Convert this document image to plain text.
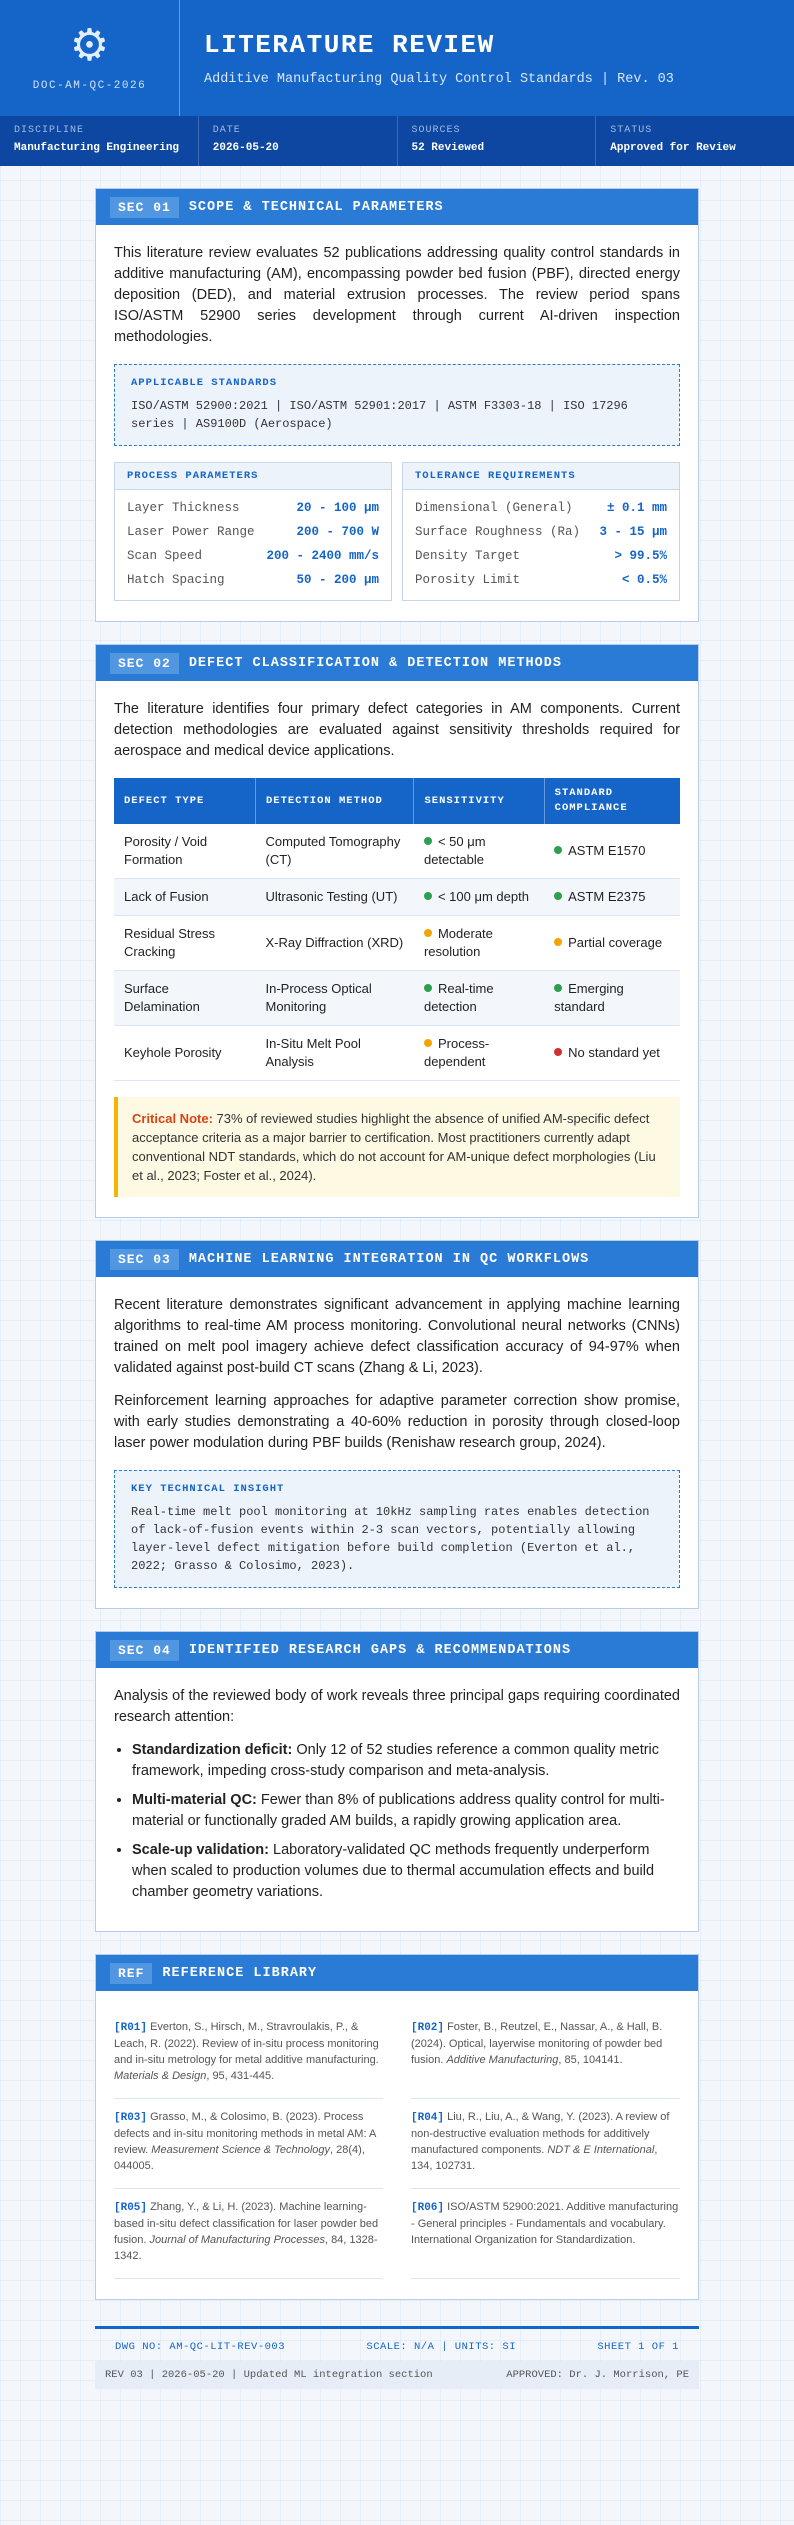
⚙
DOC-AM-QC-2026
LITERATURE REVIEW
Additive Manufacturing Quality Control Standards | Rev. 03
DISCIPLINE
Manufacturing Engineering
DATE
2026-05-20
SOURCES
52 Reviewed
STATUS
Approved for Review
SEC 01	SCOPE & TECHNICAL PARAMETERS

This literature review evaluates 52 publications addressing quality control standards in additive manufacturing (AM), encompassing powder bed fusion (PBF), directed energy deposition (DED), and material extrusion processes. The review period spans ISO/ASTM 52900 series development through current AI-driven inspection methodologies.

APPLICABLE STANDARDS
ISO/ASTM 52900:2021 | ISO/ASTM 52901:2017 | ASTM F3303-18 | ISO 17296 series | AS9100D (Aerospace)
PROCESS PARAMETERS
Layer Thickness	20 - 100 μm
Laser Power Range	200 - 700 W
Scan Speed	200 - 2400 mm/s
Hatch Spacing	50 - 200 μm
TOLERANCE REQUIREMENTS
Dimensional (General)	± 0.1 mm
Surface Roughness (Ra) 3 - 15 μm
Density Target	> 99.5%
Porosity Limit	< 0.5%
SEC 02	DEFECT CLASSIFICATION & DETECTION METHODS

The literature identifies four primary defect categories in AM components. Current detection methodologies are evaluated against sensitivity thresholds required for aerospace and medical device applications.

DEFECT TYPE	DETECTION METHOD	SENSITIVITY	STANDARD COMPLIANCE
Porosity / Void Formation	Computed Tomography (CT)	< 50 μm detectable	ASTM E1570
Lack of Fusion	Ultrasonic Testing (UT)	< 100 μm depth	ASTM E2375
Residual Stress Cracking	X-Ray Diffraction (XRD)	Moderate resolution	Partial coverage
Surface Delamination	In-Process Optical Monitoring	Real-time detection	Emerging standard
Keyhole Porosity	In-Situ Melt Pool Analysis	Process-dependent	No standard yet
Critical Note: 73% of reviewed studies highlight the absence of unified AM-specific defect acceptance criteria as a major barrier to certification. Most practitioners currently adapt conventional NDT standards, which do not account for AM-unique defect morphologies (Liu et al., 2023; Foster et al., 2024).
SEC 03	MACHINE LEARNING INTEGRATION IN QC WORKFLOWS

Recent literature demonstrates significant advancement in applying machine learning algorithms to real-time AM process monitoring. Convolutional neural networks (CNNs) trained on melt pool imagery achieve defect classification accuracy of 94-97% when validated against post-build CT scans (Zhang & Li, 2023).

Reinforcement learning approaches for adaptive parameter correction show promise, with early studies demonstrating a 40-60% reduction in porosity through closed-loop laser power modulation during PBF builds (Renishaw research group, 2024).

KEY TECHNICAL INSIGHT
Real-time melt pool monitoring at 10kHz sampling rates enables detection of lack-of-fusion events within 2-3 scan vectors, potentially allowing layer-level defect mitigation before build completion (Everton et al., 2022; Grasso & Colosimo, 2023).
SEC 04	IDENTIFIED RESEARCH GAPS & RECOMMENDATIONS

Analysis of the reviewed body of work reveals three principal gaps requiring coordinated research attention:

• Standardization deficit: Only 12 of 52 studies reference a common quality metric framework, impeding cross-study comparison and meta-analysis.
• Multi-material QC: Fewer than 8% of publications address quality control for multi-material or functionally graded AM builds, a rapidly growing application area.
• Scale-up validation: Laboratory-validated QC methods frequently underperform when scaled to production volumes due to thermal accumulation effects and build chamber geometry variations.
REF	REFERENCE LIBRARY
[R01] Everton, S., Hirsch, M., Stravroulakis, P., & Leach, R. (2022). Review of in-situ process monitoring and in-situ metrology for metal additive manufacturing. Materials & Design, 95, 431-445.
[R02] Foster, B., Reutzel, E., Nassar, A., & Hall, B. (2024). Optical, layerwise monitoring of powder bed fusion. Additive Manufacturing, 85, 104141.
[R03] Grasso, M., & Colosimo, B. (2023). Process defects and in-situ monitoring methods in metal AM: A review. Measurement Science & Technology, 28(4), 044005.
[R04] Liu, R., Liu, A., & Wang, Y. (2023). A review of non-destructive evaluation methods for additively manufactured components. NDT & E International, 134, 102731.
[R05] Zhang, Y., & Li, H. (2023). Machine learning-based in-situ defect classification for laser powder bed fusion. Journal of Manufacturing Processes, 84, 1328-1342.
[R06] ISO/ASTM 52900:2021. Additive manufacturing - General principles - Fundamentals and vocabulary. International Organization for Standardization.
DWG NO: AM-QC-LIT-REV-003	SCALE: N/A | UNITS: SI	SHEET 1 OF 1
REV 03 | 2026-05-20 | Updated ML integration section	APPROVED: Dr. J. Morrison, PE
